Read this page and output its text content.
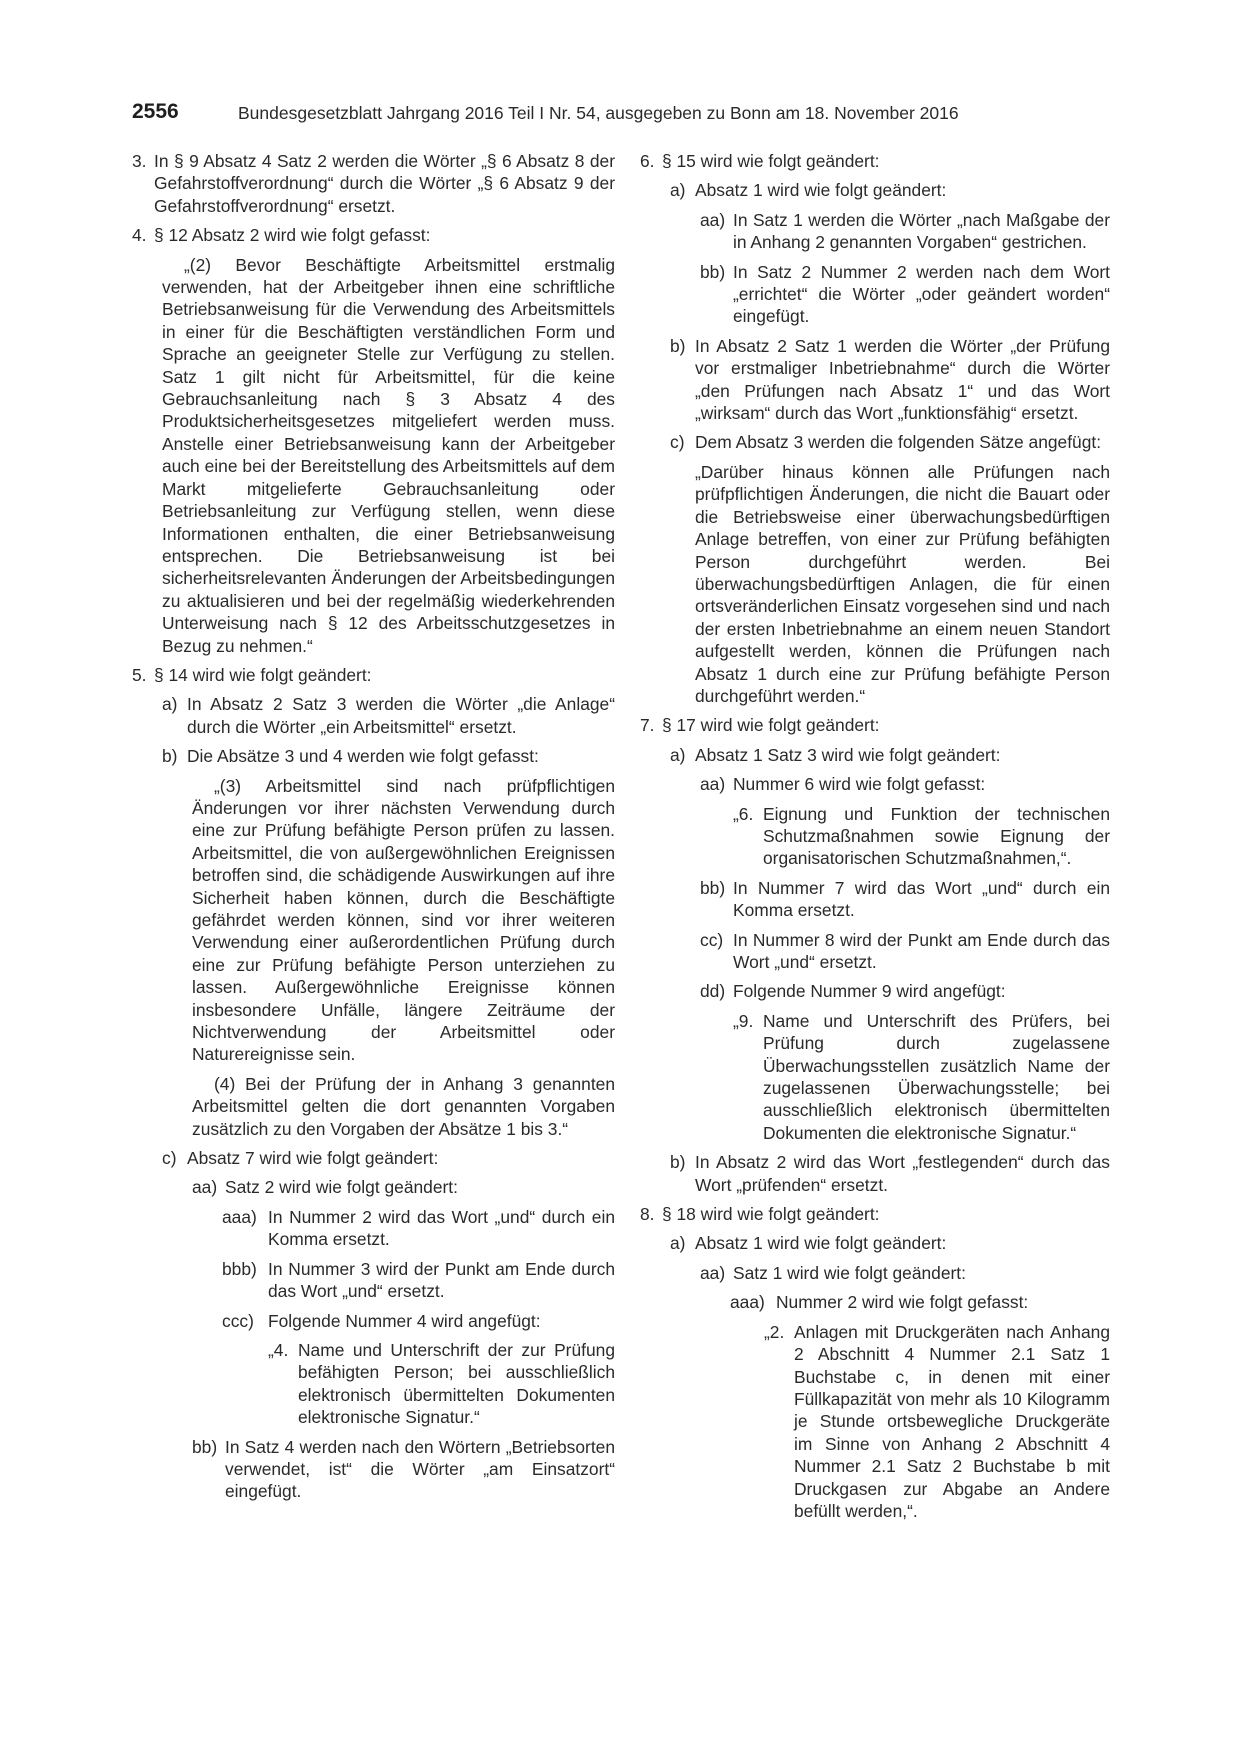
2556	Bundesgesetzblatt Jahrgang 2016 Teil I Nr. 54, ausgegeben zu Bonn am 18. November 2016
3. In § 9 Absatz 4 Satz 2 werden die Wörter „§ 6 Absatz 8 der Gefahrstoffverordnung“ durch die Wörter „§ 6 Absatz 9 der Gefahrstoffverordnung“ ersetzt.
4. § 12 Absatz 2 wird wie folgt gefasst:
„(2) Bevor Beschäftigte Arbeitsmittel erstmalig verwenden, hat der Arbeitgeber ihnen eine schriftliche Betriebsanweisung für die Verwendung des Arbeitsmittels in einer für die Beschäftigten verständlichen Form und Sprache an geeigneter Stelle zur Verfügung zu stellen. Satz 1 gilt nicht für Arbeitsmittel, für die keine Gebrauchsanleitung nach § 3 Absatz 4 des Produktsicherheitsgesetzes mitgeliefert werden muss. Anstelle einer Betriebsanweisung kann der Arbeitgeber auch eine bei der Bereitstellung des Arbeitsmittels auf dem Markt mitgelieferte Gebrauchsanleitung oder Betriebsanleitung zur Verfügung stellen, wenn diese Informationen enthalten, die einer Betriebsanweisung entsprechen. Die Betriebsanweisung ist bei sicherheitsrelevanten Änderungen der Arbeitsbedingungen zu aktualisieren und bei der regelmäßig wiederkehrenden Unterweisung nach § 12 des Arbeitsschutzgesetzes in Bezug zu nehmen.“
5. § 14 wird wie folgt geändert:
a) In Absatz 2 Satz 3 werden die Wörter „die Anlage“ durch die Wörter „ein Arbeitsmittel“ ersetzt.
b) Die Absätze 3 und 4 werden wie folgt gefasst:
„(3) Arbeitsmittel sind nach prüfpflichtigen Änderungen vor ihrer nächsten Verwendung durch eine zur Prüfung befähigte Person prüfen zu lassen. Arbeitsmittel, die von außergewöhnlichen Ereignissen betroffen sind, die schädigende Auswirkungen auf ihre Sicherheit haben können, durch die Beschäftigte gefährdet werden können, sind vor ihrer weiteren Verwendung einer außerordentlichen Prüfung durch eine zur Prüfung befähigte Person unterziehen zu lassen. Außergewöhnliche Ereignisse können insbesondere Unfälle, längere Zeiträume der Nichtverwendung der Arbeitsmittel oder Naturereignisse sein.
(4) Bei der Prüfung der in Anhang 3 genannten Arbeitsmittel gelten die dort genannten Vorgaben zusätzlich zu den Vorgaben der Absätze 1 bis 3.“
c) Absatz 7 wird wie folgt geändert:
aa) Satz 2 wird wie folgt geändert:
aaa) In Nummer 2 wird das Wort „und“ durch ein Komma ersetzt.
bbb) In Nummer 3 wird der Punkt am Ende durch das Wort „und“ ersetzt.
ccc) Folgende Nummer 4 wird angefügt:
„4. Name und Unterschrift der zur Prüfung befähigten Person; bei ausschließlich elektronisch übermittelten Dokumenten elektronische Signatur.“
bb) In Satz 4 werden nach den Wörtern „Betriebsorten verwendet, ist“ die Wörter „am Einsatzort“ eingefügt.
6. § 15 wird wie folgt geändert:
a) Absatz 1 wird wie folgt geändert:
aa) In Satz 1 werden die Wörter „nach Maßgabe der in Anhang 2 genannten Vorgaben“ gestrichen.
bb) In Satz 2 Nummer 2 werden nach dem Wort „errichtet“ die Wörter „oder geändert worden“ eingefügt.
b) In Absatz 2 Satz 1 werden die Wörter „der Prüfung vor erstmaliger Inbetriebnahme“ durch die Wörter „den Prüfungen nach Absatz 1“ und das Wort „wirksam“ durch das Wort „funktionsfähig“ ersetzt.
c) Dem Absatz 3 werden die folgenden Sätze angefügt:
„Darüber hinaus können alle Prüfungen nach prüfpflichtigen Änderungen, die nicht die Bauart oder die Betriebsweise einer überwachungsbedürftigen Anlage betreffen, von einer zur Prüfung befähigten Person durchgeführt werden. Bei überwachungsbedürftigen Anlagen, die für einen ortsveränderlichen Einsatz vorgesehen sind und nach der ersten Inbetriebnahme an einem neuen Standort aufgestellt werden, können die Prüfungen nach Absatz 1 durch eine zur Prüfung befähigte Person durchgeführt werden.“
7. § 17 wird wie folgt geändert:
a) Absatz 1 Satz 3 wird wie folgt geändert:
aa) Nummer 6 wird wie folgt gefasst:
„6. Eignung und Funktion der technischen Schutzmaßnahmen sowie Eignung der organisatorischen Schutzmaßnahmen,“.
bb) In Nummer 7 wird das Wort „und“ durch ein Komma ersetzt.
cc) In Nummer 8 wird der Punkt am Ende durch das Wort „und“ ersetzt.
dd) Folgende Nummer 9 wird angefügt:
„9. Name und Unterschrift des Prüfers, bei Prüfung durch zugelassene Überwachungsstellen zusätzlich Name der zugelassenen Überwachungsstelle; bei ausschließlich elektronisch übermittelten Dokumenten die elektronische Signatur.“
b) In Absatz 2 wird das Wort „festlegenden“ durch das Wort „prüfenden“ ersetzt.
8. § 18 wird wie folgt geändert:
a) Absatz 1 wird wie folgt geändert:
aa) Satz 1 wird wie folgt geändert:
aaa) Nummer 2 wird wie folgt gefasst:
„2. Anlagen mit Druckgeräten nach Anhang 2 Abschnitt 4 Nummer 2.1 Satz 1 Buchstabe c, in denen mit einer Füllkapazität von mehr als 10 Kilogramm je Stunde ortsbewegliche Druckgeräte im Sinne von Anhang 2 Abschnitt 4 Nummer 2.1 Satz 2 Buchstabe b mit Druckgasen zur Abgabe an Andere befüllt werden,“.
